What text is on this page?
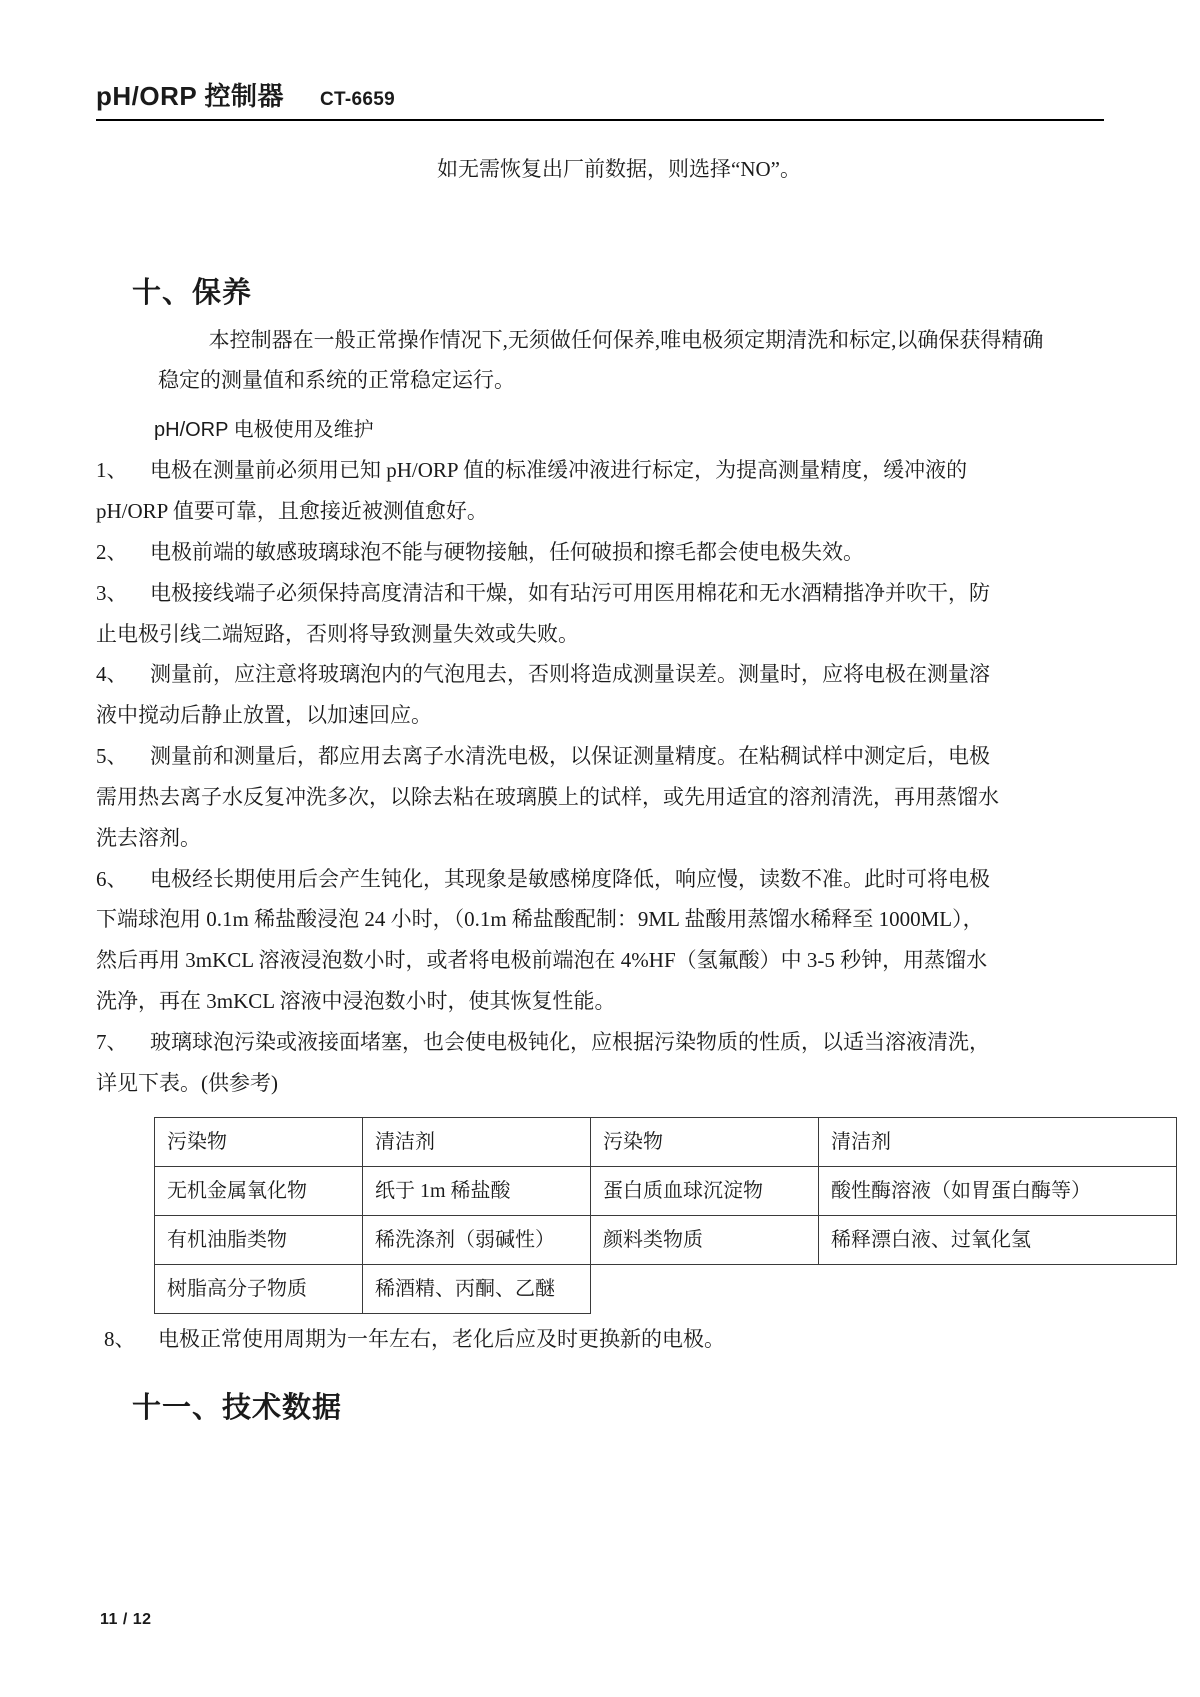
pH/ORP 控制器 CT-6659

如无需恢复出厂前数据，则选择“NO”。

十、保养

本控制器在一般正常操作情况下,无须做任何保养,唯电极须定期清洗和标定,以确保获得精确

稳定的测量值和系统的正常稳定运行。

pH/ORP 电极使用及维护

1、 电极在测量前必须用已知 pH/ORP 值的标准缓冲液进行标定，为提高测量精度，缓冲液的

pH/ORP 值要可靠，且愈接近被测值愈好。

2、 电极前端的敏感玻璃球泡不能与硬物接触，任何破损和擦毛都会使电极失效。

3、 电极接线端子必须保持高度清洁和干燥，如有玷污可用医用棉花和无水酒精揩净并吹干，防

止电极引线二端短路，否则将导致测量失效或失败。

4、 测量前，应注意将玻璃泡内的气泡甩去，否则将造成测量误差。测量时，应将电极在测量溶

液中搅动后静止放置，以加速回应。

5、 测量前和测量后，都应用去离子水清洗电极，以保证测量精度。在粘稠试样中测定后，电极

需用热去离子水反复冲洗多次，以除去粘在玻璃膜上的试样，或先用适宜的溶剂清洗，再用蒸馏水

洗去溶剂。

6、 电极经长期使用后会产生钝化，其现象是敏感梯度降低，响应慢，读数不准。此时可将电极

下端球泡用 0.1m 稀盐酸浸泡 24 小时，（0.1m 稀盐酸配制：9ML 盐酸用蒸馏水稀释至 1000ML），

然后再用 3mKCL 溶液浸泡数小时，或者将电极前端泡在 4%HF（氢氟酸）中 3-5 秒钟，用蒸馏水

洗净，再在 3mKCL 溶液中浸泡数小时，使其恢复性能。

7、 玻璃球泡污染或液接面堵塞，也会使电极钝化，应根据污染物质的性质，以适当溶液清洗，

详见下表。(供参考)

污染物	清洁剂	污染物	清洁剂
无机金属氧化物	纸于 1m 稀盐酸	蛋白质血球沉淀物	酸性酶溶液（如胃蛋白酶等）
有机油脂类物	稀洗涤剂（弱碱性）	颜料类物质	稀释漂白液、过氧化氢
树脂高分子物质	稀酒精、丙酮、乙醚		

8、 电极正常使用周期为一年左右，老化后应及时更换新的电极。

十一、技术数据
11 / 12
